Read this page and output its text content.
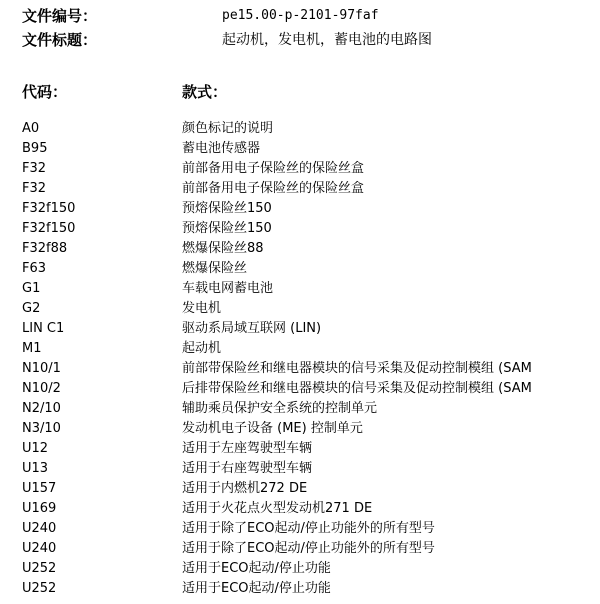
文件编号：	pe15.00-p-2101-97faf
文件标题：	起动机，发电机，蓄电池的电路图
代码：	款式：
A0	颜色标记的说明
B95	蓄电池传感器
F32	前部备用电子保险丝的保险丝盒
F32	前部备用电子保险丝的保险丝盒
F32f150	预熔保险丝150
F32f150	预熔保险丝150
F32f88	燃爆保险丝88
F63	燃爆保险丝
G1	车载电网蓄电池
G2	发电机
LIN C1	驱动系局域互联网 (LIN)
M1	起动机
N10/1	前部带保险丝和继电器模块的信号采集及促动控制模组 (SAM
N10/2	后排带保险丝和继电器模块的信号采集及促动控制模组 (SAM
N2/10	辅助乘员保护安全系统的控制单元
N3/10	发动机电子设备 (ME) 控制单元
U12	适用于左座驾驶型车辆
U13	适用于右座驾驶型车辆
U157	适用于内燃机272 DE
U169	适用于火花点火型发动机271 DE
U240	适用于除了ECO起动/停止功能外的所有型号
U240	适用于除了ECO起动/停止功能外的所有型号
U252	适用于ECO起动/停止功能
U252	适用于ECO起动/停止功能
